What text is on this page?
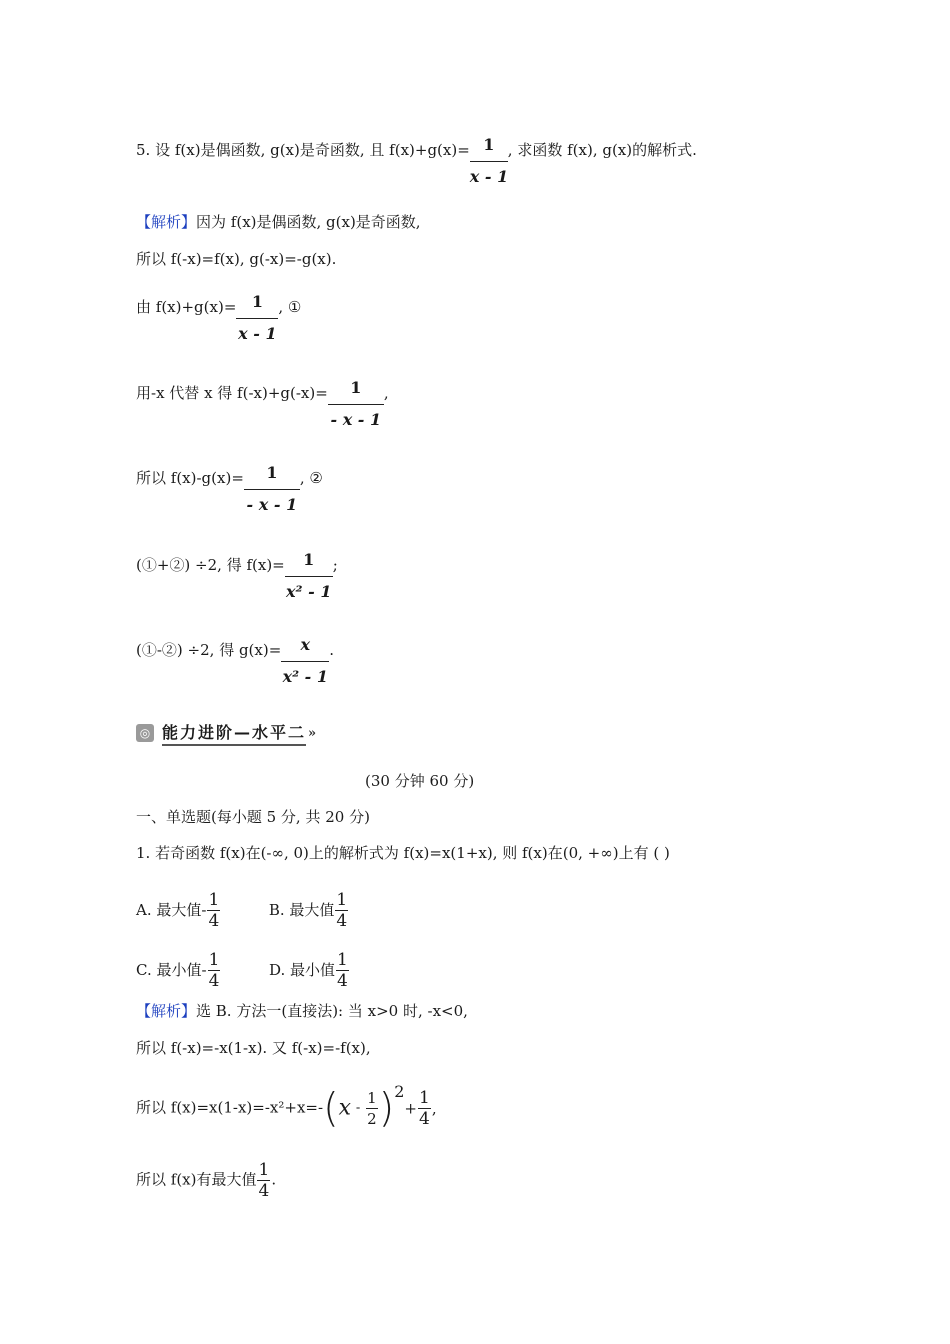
5. 设 f(x)是偶函数, g(x)是奇函数, 且 $f(x)+g(x)= \frac{1}{x - 1}$ , 求函数 f(x), g(x)的解析式.
【解析】因为 f(x)是偶函数, g(x)是奇函数,
所以 f(-x)=f(x), g(-x)=-g(x).
由 $f(x)+g(x)= \frac{1}{x - 1}$ , ①
用-x 代替 x 得 $f(-x)+g(-x)= \frac{1}{- x - 1}$ ,
所以 $f(x)-g(x)= \frac{1}{- x - 1}$ , ②
(①+②) ÷2, 得 $f(x)= \frac{1}{\text{x² - 1}}$ ;
(①-②) ÷2, 得 $g(x)= \frac{x}{\text{x² - 1}}$ .
◎ 能力进阶—水平二 »
(30 分钟 60 分)
一、单选题(每小题 5 分, 共 20 分)
1. 若奇函数 f(x)在(-∞, 0)上的解析式为 f(x)=x(1+x), 则 f(x)在(0, +∞)上有 ( )
A. 最大值- $\frac{1}{4}$	B. 最大值 $\frac{1}{4}$
C. 最小值- $\frac{1}{4}$	D. 最小值 $\frac{1}{4}$
【解析】选 B. 方法一(直接法): 当 x>0 时, -x<0,
所以 f(-x)=-x(1-x). 又 f(-x)=-f(x),
所以 $f(x)=x(1-x)=-x^2+x=-(x - \frac{1}{2} )^2+ \frac{1}{4}$ ,
所以 f(x)有最大值 $\frac{1}{4}$ .
